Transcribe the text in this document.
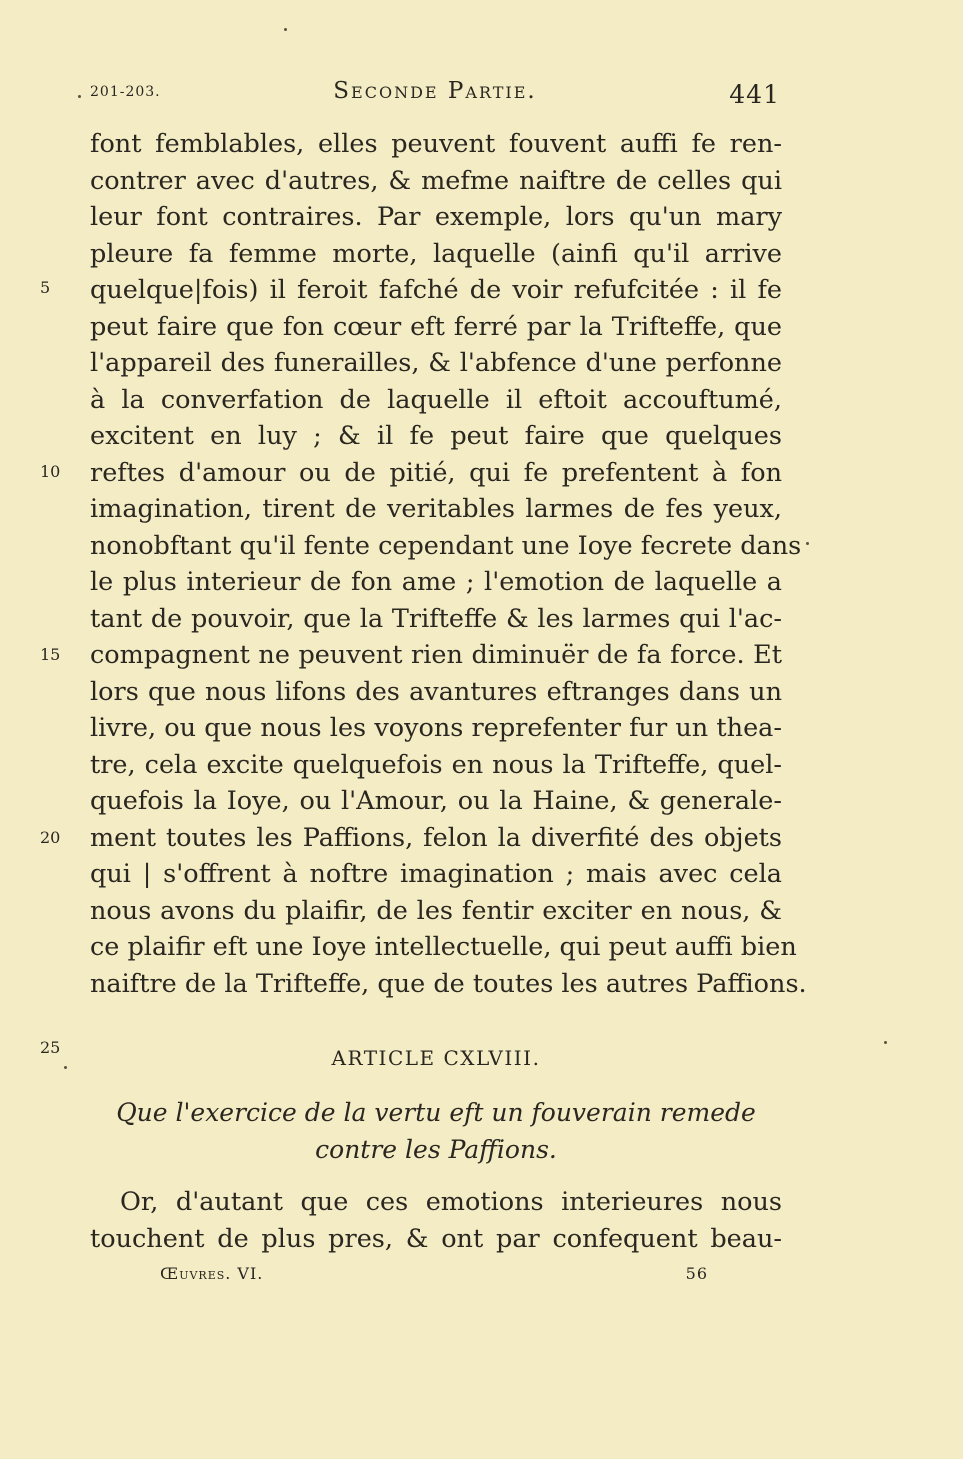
201-203.	Seconde Partie.	441
font femblables, elles peuvent fouvent auffi fe ren-
contrer avec d'autres, & mefme naiftre de celles qui
leur font contraires. Par exemple, lors qu'un mary
pleure fa femme morte, laquelle (ainfi qu'il arrive
quelque|fois) il feroit fafché de voir refufcitée : il fe
peut faire que fon cœur eft ferré par la Trifteffe, que
l'appareil des funerailles, & l'abfence d'une perfonne
à la converfation de laquelle il eftoit accouftumé,
excitent en luy ; & il fe peut faire que quelques
reftes d'amour ou de pitié, qui fe prefentent à fon
imagination, tirent de veritables larmes de fes yeux,
nonobftant qu'il fente cependant une Ioye fecrete dans
le plus interieur de fon ame ; l'emotion de laquelle a
tant de pouvoir, que la Trifteffe & les larmes qui l'ac-
compagnent ne peuvent rien diminuër de fa force. Et
lors que nous lifons des avantures eftranges dans un
livre, ou que nous les voyons reprefenter fur un thea-
tre, cela excite quelquefois en nous la Trifteffe, quel-
quefois la Ioye, ou l'Amour, ou la Haine, & generale-
ment toutes les Paffions, felon la diverfité des objets
qui | s'offrent à noftre imagination ; mais avec cela
nous avons du plaifir, de les fentir exciter en nous, &
ce plaifir eft une Ioye intellectuelle, qui peut auffi bien
naiftre de la Trifteffe, que de toutes les autres Paffions.
5
10
15
20
25	ARTICLE CXLVIII.
Que l'exercice de la vertu eft un fouverain remede
contre les Paffions.
Or, d'autant que ces emotions interieures nous
touchent de plus pres, & ont par confequent beau-
Œuvres. VI.	56
